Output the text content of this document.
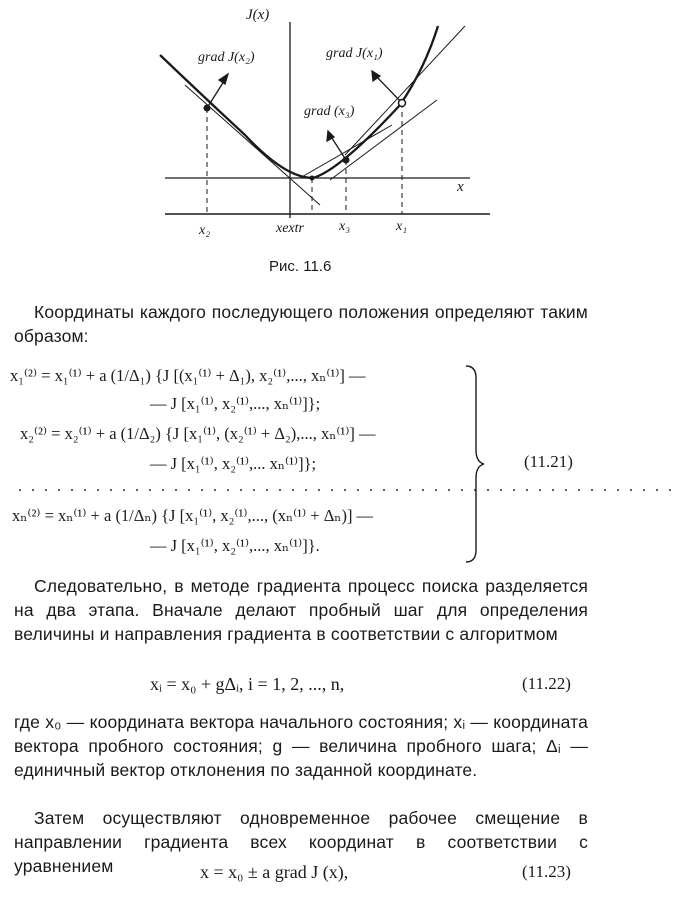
J(x)
x
grad J(x₂)	grad J(x₁)
grad (x₃)
x₂	xextr	x₃	x₁
Рис. 11.6
Координаты каждого последующего положения определяют таким образом:
x₁⁽²⁾ = x₁⁽¹⁾ + a (1/Δ₁) {J [(x₁⁽¹⁾ + Δ₁), x₂⁽¹⁾,..., xₙ⁽¹⁾] —
— J [x₁⁽¹⁾, x₂⁽¹⁾,..., xₙ⁽¹⁾]};
x₂⁽²⁾ = x₂⁽¹⁾ + a (1/Δ₂) {J [x₁⁽¹⁾, (x₂⁽¹⁾ + Δ₂),..., xₙ⁽¹⁾] —
— J [x₁⁽¹⁾, x₂⁽¹⁾,... xₙ⁽¹⁾]};
...................................................
xₙ⁽²⁾ = xₙ⁽¹⁾ + a (1/Δₙ) {J [x₁⁽¹⁾, x₂⁽¹⁾,..., (xₙ⁽¹⁾ + Δₙ)] —
— J [x₁⁽¹⁾, x₂⁽¹⁾,..., xₙ⁽¹⁾]}.
(11.21)
Следовательно, в методе градиента процесс поиска разделяется на два этапа. Вначале делают пробный шаг для определения величины и направления градиента в соответствии с алгоритмом
xᵢ = x₀ + gΔᵢ, i = 1, 2, ..., n,	(11.22)
где x₀ — координата вектора начального состояния; xᵢ — координата вектора пробного состояния; g — величина пробного шага; Δᵢ — единичный вектор отклонения по заданной координате.
Затем осуществляют одновременное рабочее смещение в направлении градиента всех координат в соответствии с уравнением	x = x₀ ± a grad J (x),	(11.23)
